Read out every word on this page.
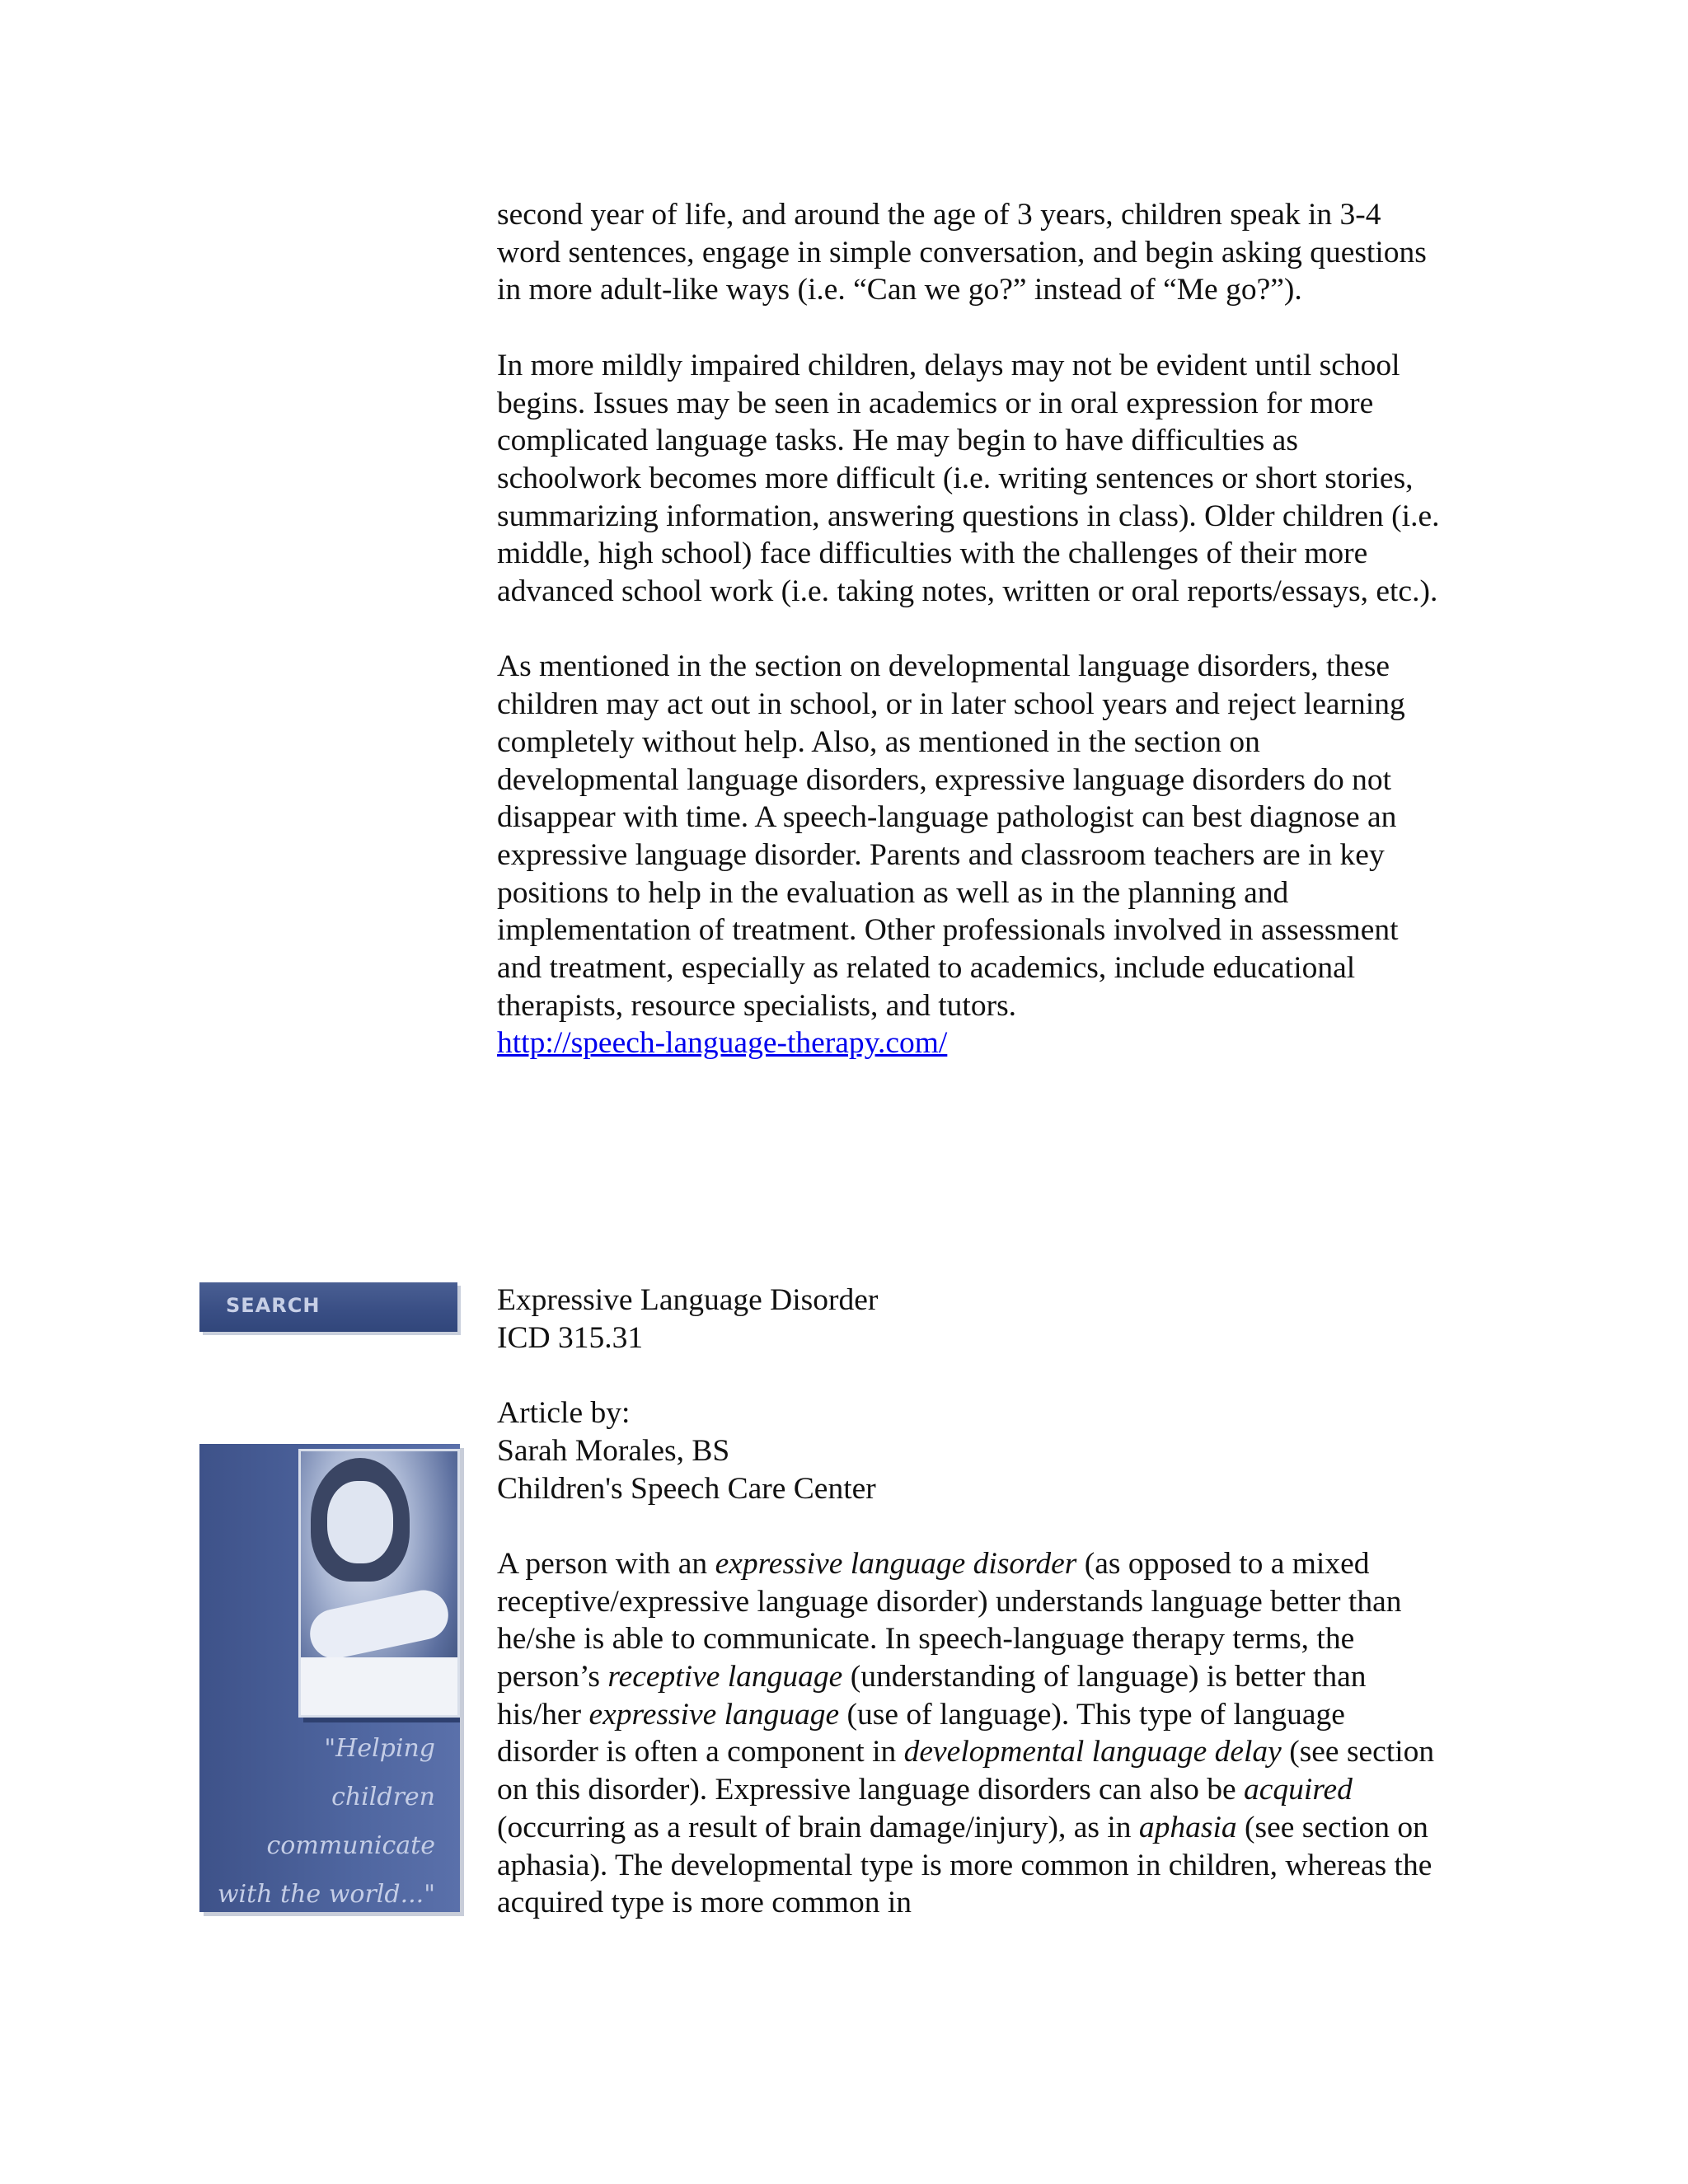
second year of life, and around the age of 3 years, children speak in 3-4 word sentences, engage in simple conversation, and begin asking questions in more adult-like ways (i.e. “Can we go?” instead of “Me go?”).

In more mildly impaired children, delays may not be evident until school begins. Issues may be seen in academics or in oral expression for more complicated language tasks. He may begin to have difficulties as schoolwork becomes more difficult (i.e. writing sentences or short stories, summarizing information, answering questions in class). Older children (i.e. middle, high school) face difficulties with the challenges of their more advanced school work (i.e. taking notes, written or oral reports/essays, etc.).

As mentioned in the section on developmental language disorders, these children may act out in school, or in later school years and reject learning completely without help. Also, as mentioned in the section on developmental language disorders, expressive language disorders do not disappear with time. A speech-language pathologist can best diagnose an expressive language disorder. Parents and classroom teachers are in key positions to help in the evaluation as well as in the planning and implementation of treatment. Other professionals involved in assessment and treatment, especially as related to academics, include educational therapists, resource specialists, and tutors.

http://speech-language-therapy.com/

SEARCH
"Helping
children
communicate
with the world..."

Expressive Language Disorder

ICD 315.31

Article by:

Sarah Morales, BS

Children's Speech Care Center

A person with an expressive language disorder (as opposed to a mixed receptive/expressive language disorder) understands language better than he/she is able to communicate. In speech-language therapy terms, the person’s receptive language (understanding of language) is better than his/her expressive language (use of language). This type of language disorder is often a component in developmental language delay (see section on this disorder). Expressive language disorders can also be acquired (occurring as a result of brain damage/injury), as in aphasia (see section on aphasia). The developmental type is more common in children, whereas the acquired type is more common in
